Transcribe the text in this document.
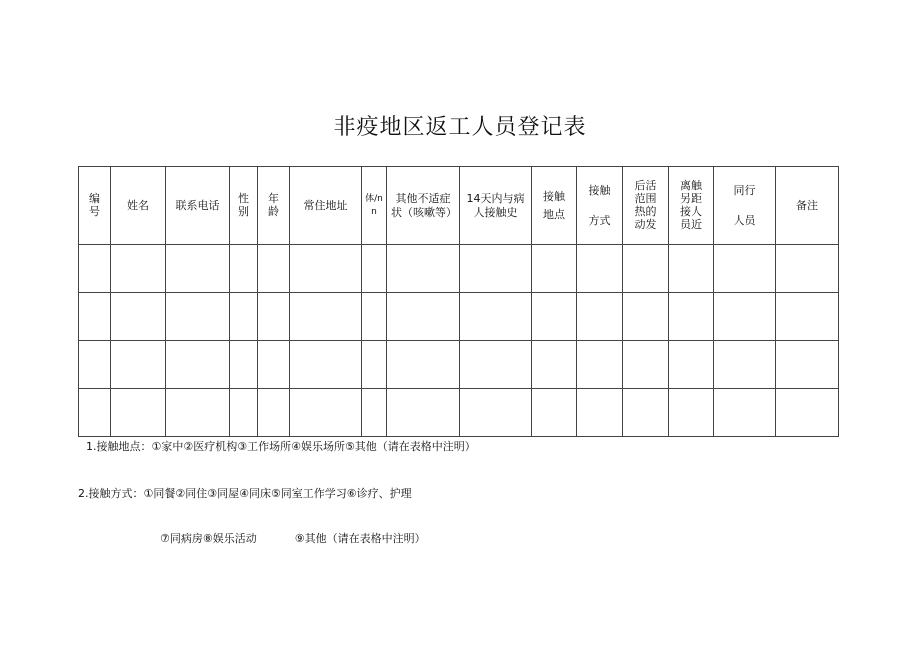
非疫地区返工人员登记表
编号	姓名	联系电话	性别	年龄	常住地址	体/nn	其他不适症状（咳嗽等）	14天内与病人接触史	接触地点	接触方式	后活范围热的动发	离触另距接人员近	同行人员	备注

1.接触地点：①家中②医疗机构③工作场所④娱乐场所⑤其他（请在表格中注明）

2.接触方式：①同餐②同住③同屋④同床⑤同室工作学习⑥诊疗、护理

⑦同病房⑧娱乐活动	⑨其他（请在表格中注明）
